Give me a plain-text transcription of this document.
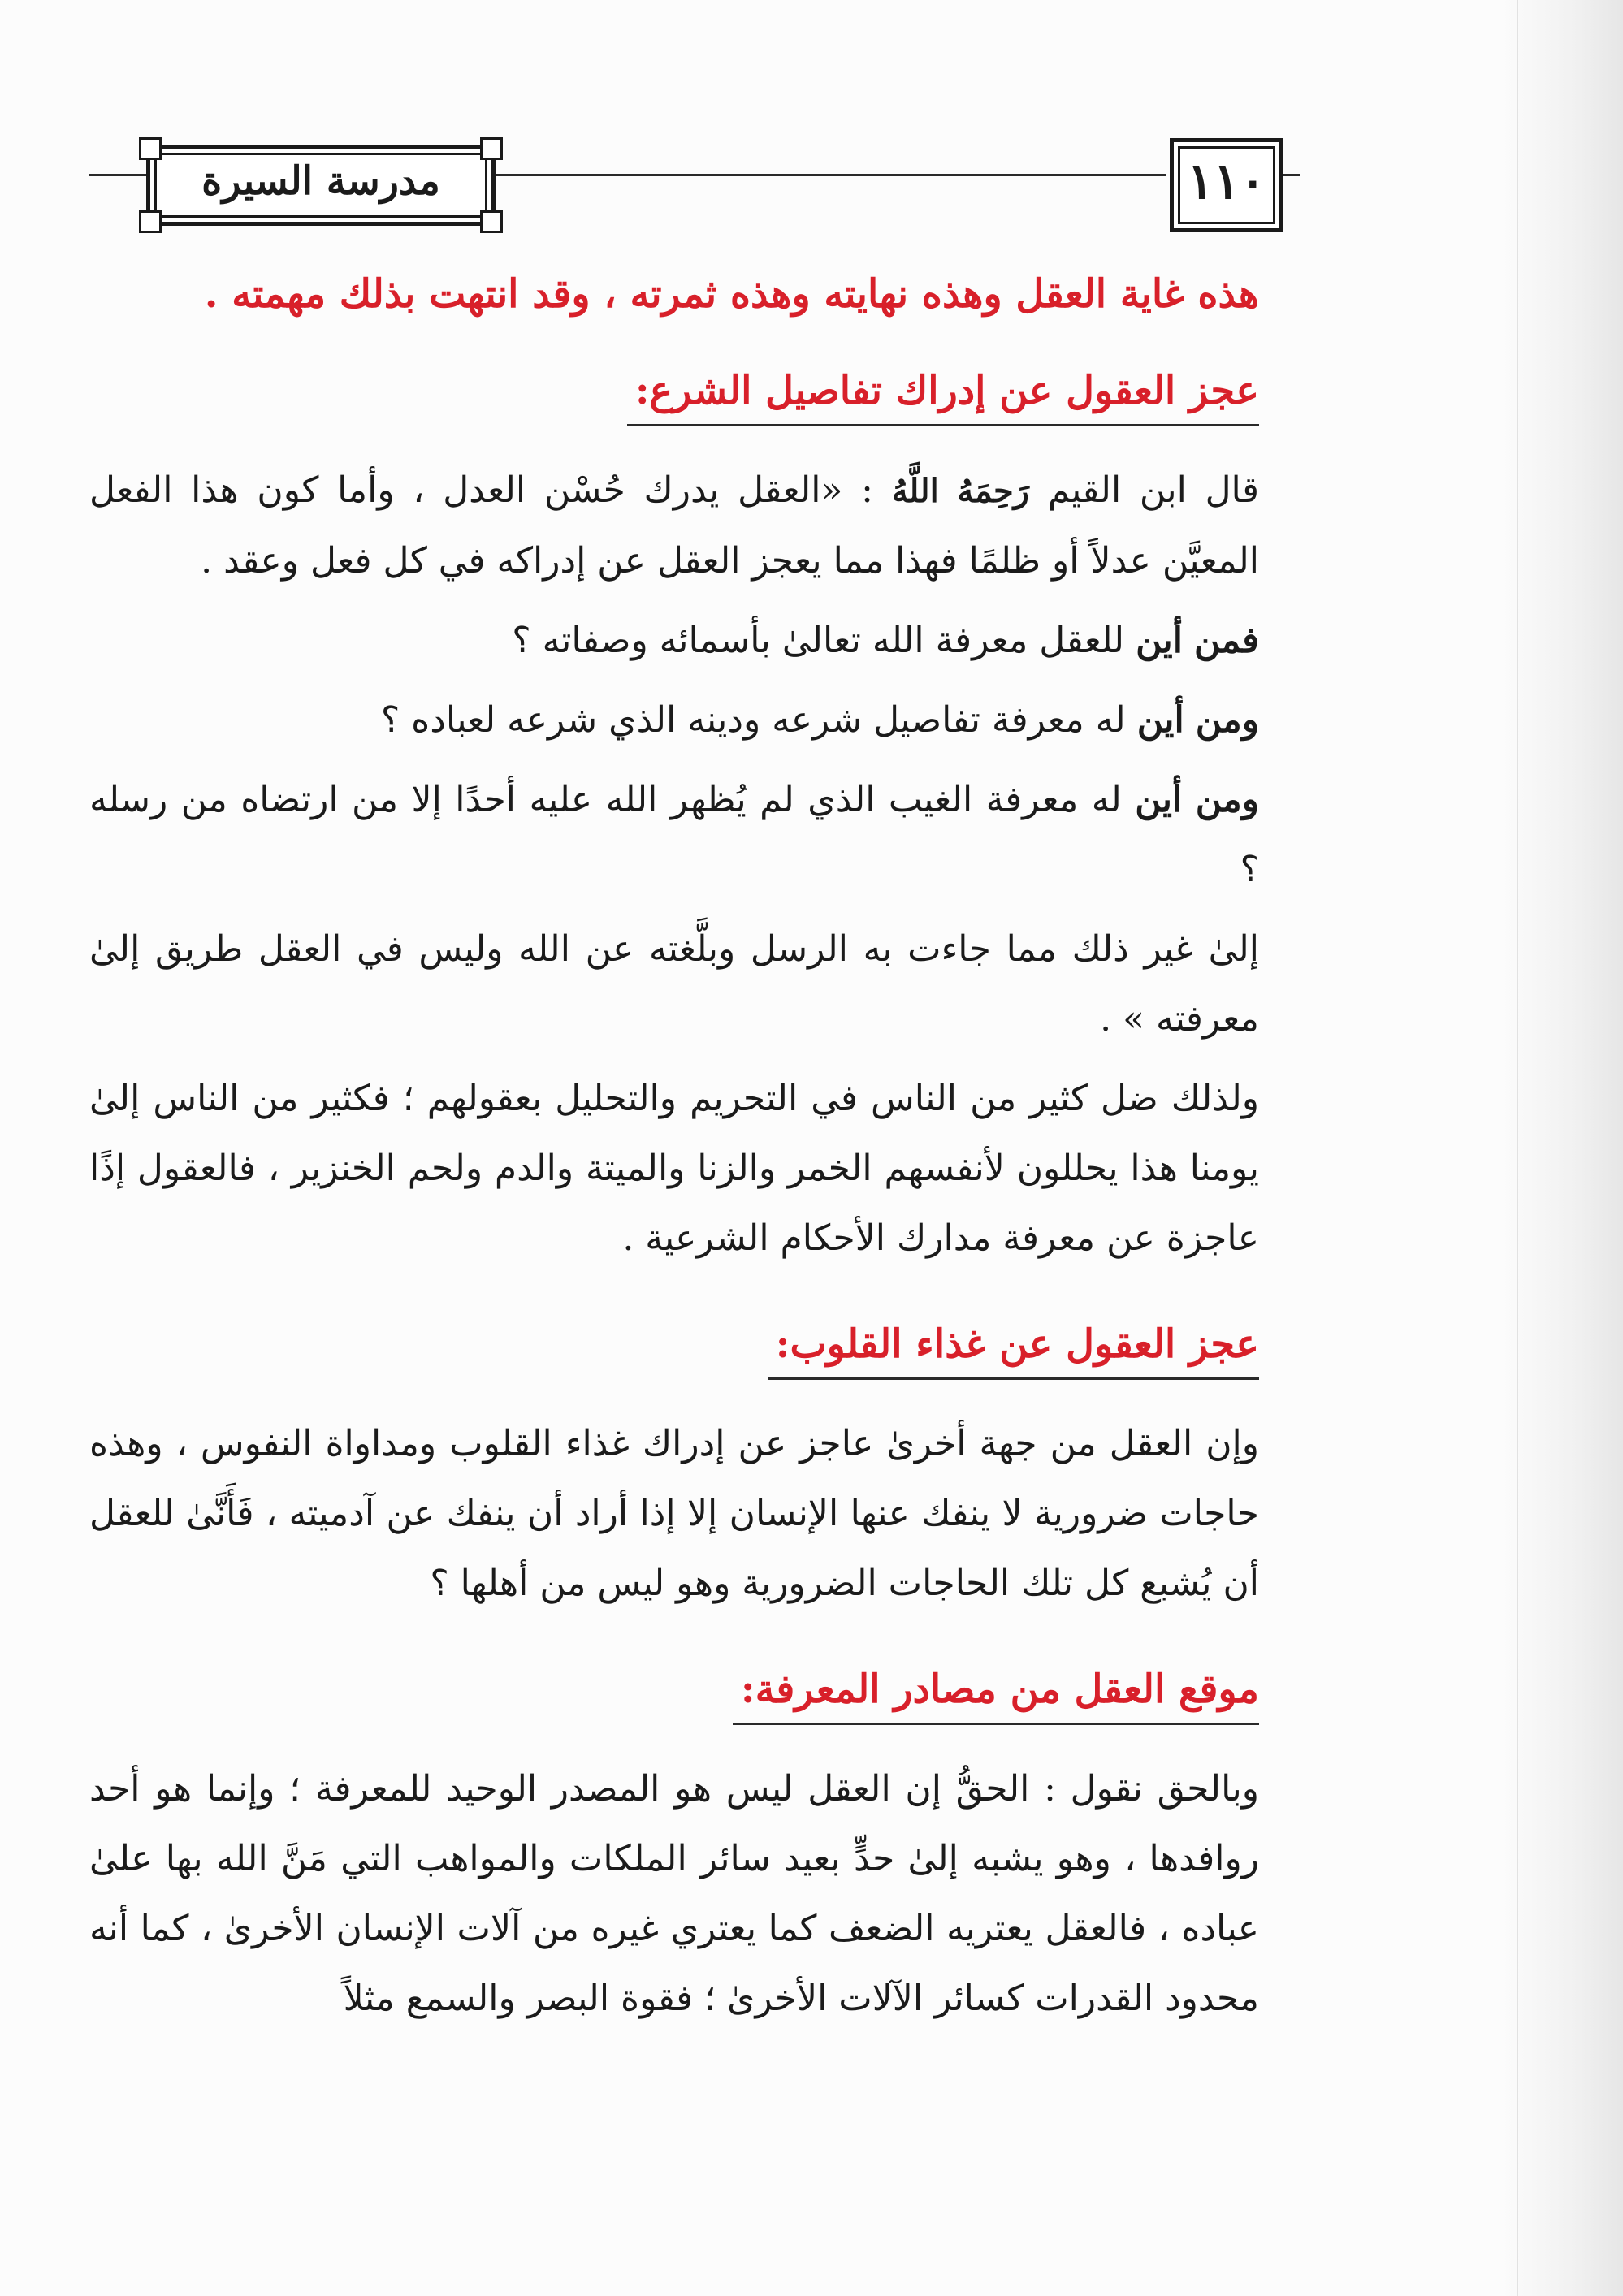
مدرسة السيرة	١١٠

هذه غاية العقل وهذه نهايته وهذه ثمرته ، وقد انتهت بذلك مهمته .

عجز العقول عن إدراك تفاصيل الشرع:

قال ابن القيم رَحِمَهُ اللَّهُ : «العقل يدرك حُسْن العدل ، وأما كون هذا الفعل المعيَّن عدلاً أو ظلمًا فهذا مما يعجز العقل عن إدراكه في كل فعل وعقد .

فمن أين للعقل معرفة الله تعالىٰ بأسمائه وصفاته ؟

ومن أين له معرفة تفاصيل شرعه ودينه الذي شرعه لعباده ؟

ومن أين له معرفة الغيب الذي لم يُظهر الله عليه أحدًا إلا من ارتضاه من رسله ؟

إلىٰ غير ذلك مما جاءت به الرسل وبلَّغته عن الله وليس في العقل طريق إلىٰ معرفته » .

ولذلك ضل كثير من الناس في التحريم والتحليل بعقولهم ؛ فكثير من الناس إلىٰ يومنا هذا يحللون لأنفسهم الخمر والزنا والميتة والدم ولحم الخنزير ، فالعقول إذًا عاجزة عن معرفة مدارك الأحكام الشرعية .

عجز العقول عن غذاء القلوب:

وإن العقل من جهة أخرىٰ عاجز عن إدراك غذاء القلوب ومداواة النفوس ، وهذه حاجات ضرورية لا ينفك عنها الإنسان إلا إذا أراد أن ينفك عن آدميته ، فَأَنَّىٰ للعقل أن يُشبع كل تلك الحاجات الضرورية وهو ليس من أهلها ؟

موقع العقل من مصادر المعرفة:

وبالحق نقول : الحقُّ إن العقل ليس هو المصدر الوحيد للمعرفة ؛ وإنما هو أحد روافدها ، وهو يشبه إلىٰ حدٍّ بعيد سائر الملكات والمواهب التي مَنَّ الله بها علىٰ عباده ، فالعقل يعتريه الضعف كما يعتري غيره من آلات الإنسان الأخرىٰ ، كما أنه محدود القدرات كسائر الآلات الأخرىٰ ؛ فقوة البصر والسمع مثلاً
